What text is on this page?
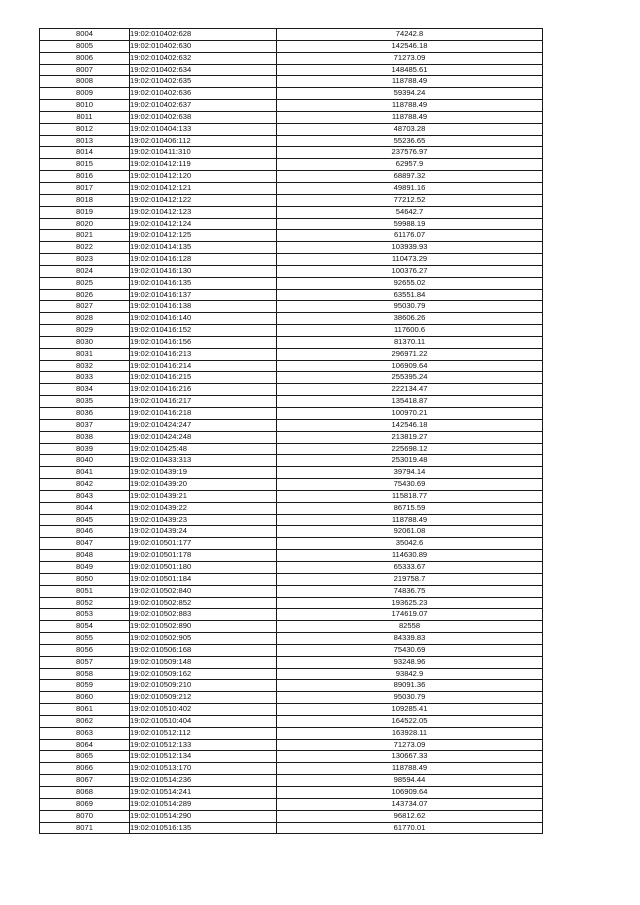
8004	19:02:010402:628	74242.8
8005	19:02:010402:630	142546.18
8006	19:02:010402:632	71273.09
8007	19:02:010402:634	148485.61
8008	19:02:010402:635	118788.49
8009	19:02:010402:636	59394.24
8010	19:02:010402:637	118788.49
8011	19:02:010402:638	118788.49
8012	19:02:010404:133	48703.28
8013	19:02:010406:112	55236.65
8014	19:02:010411:310	237576.97
8015	19:02:010412:119	62957.9
8016	19:02:010412:120	68897.32
8017	19:02:010412:121	49891.16
8018	19:02:010412:122	77212.52
8019	19:02:010412:123	54642.7
8020	19:02:010412:124	59988.19
8021	19:02:010412:125	61176.07
8022	19:02:010414:135	103939.93
8023	19:02:010416:128	110473.29
8024	19:02:010416:130	100376.27
8025	19:02:010416:135	92655.02
8026	19:02:010416:137	63551.84
8027	19:02:010416:138	95030.79
8028	19:02:010416:140	38606.26
8029	19:02:010416:152	117600.6
8030	19:02:010416:156	81370.11
8031	19:02:010416:213	296971.22
8032	19:02:010416:214	106909.64
8033	19:02:010416:215	255395.24
8034	19:02:010416:216	222134.47
8035	19:02:010416:217	135418.87
8036	19:02:010416:218	100970.21
8037	19:02:010424:247	142546.18
8038	19:02:010424:248	213819.27
8039	19:02:010425:48	225698.12
8040	19:02:010433:313	253019.48
8041	19:02:010439:19	39794.14
8042	19:02:010439:20	75430.69
8043	19:02:010439:21	115818.77
8044	19:02:010439:22	86715.59
8045	19:02:010439:23	118788.49
8046	19:02:010439:24	92061.08
8047	19:02:010501:177	35042.6
8048	19:02:010501:178	114630.89
8049	19:02:010501:180	65333.67
8050	19:02:010501:184	219758.7
8051	19:02:010502:840	74836.75
8052	19:02:010502:852	193625.23
8053	19:02:010502:883	174619.07
8054	19:02:010502:890	82558
8055	19:02:010502:905	84339.83
8056	19:02:010506:168	75430.69
8057	19:02:010509:148	93248.96
8058	19:02:010509:162	93842.9
8059	19:02:010509:210	89091.36
8060	19:02:010509:212	95030.79
8061	19:02:010510:402	109285.41
8062	19:02:010510:404	164522.05
8063	19:02:010512:112	163928.11
8064	19:02:010512:133	71273.09
8065	19:02:010512:134	130667.33
8066	19:02:010513:170	118788.49
8067	19:02:010514:236	98594.44
8068	19:02:010514:241	106909.64
8069	19:02:010514:289	143734.07
8070	19:02:010514:290	96812.62
8071	19:02:010516:135	61770.01
